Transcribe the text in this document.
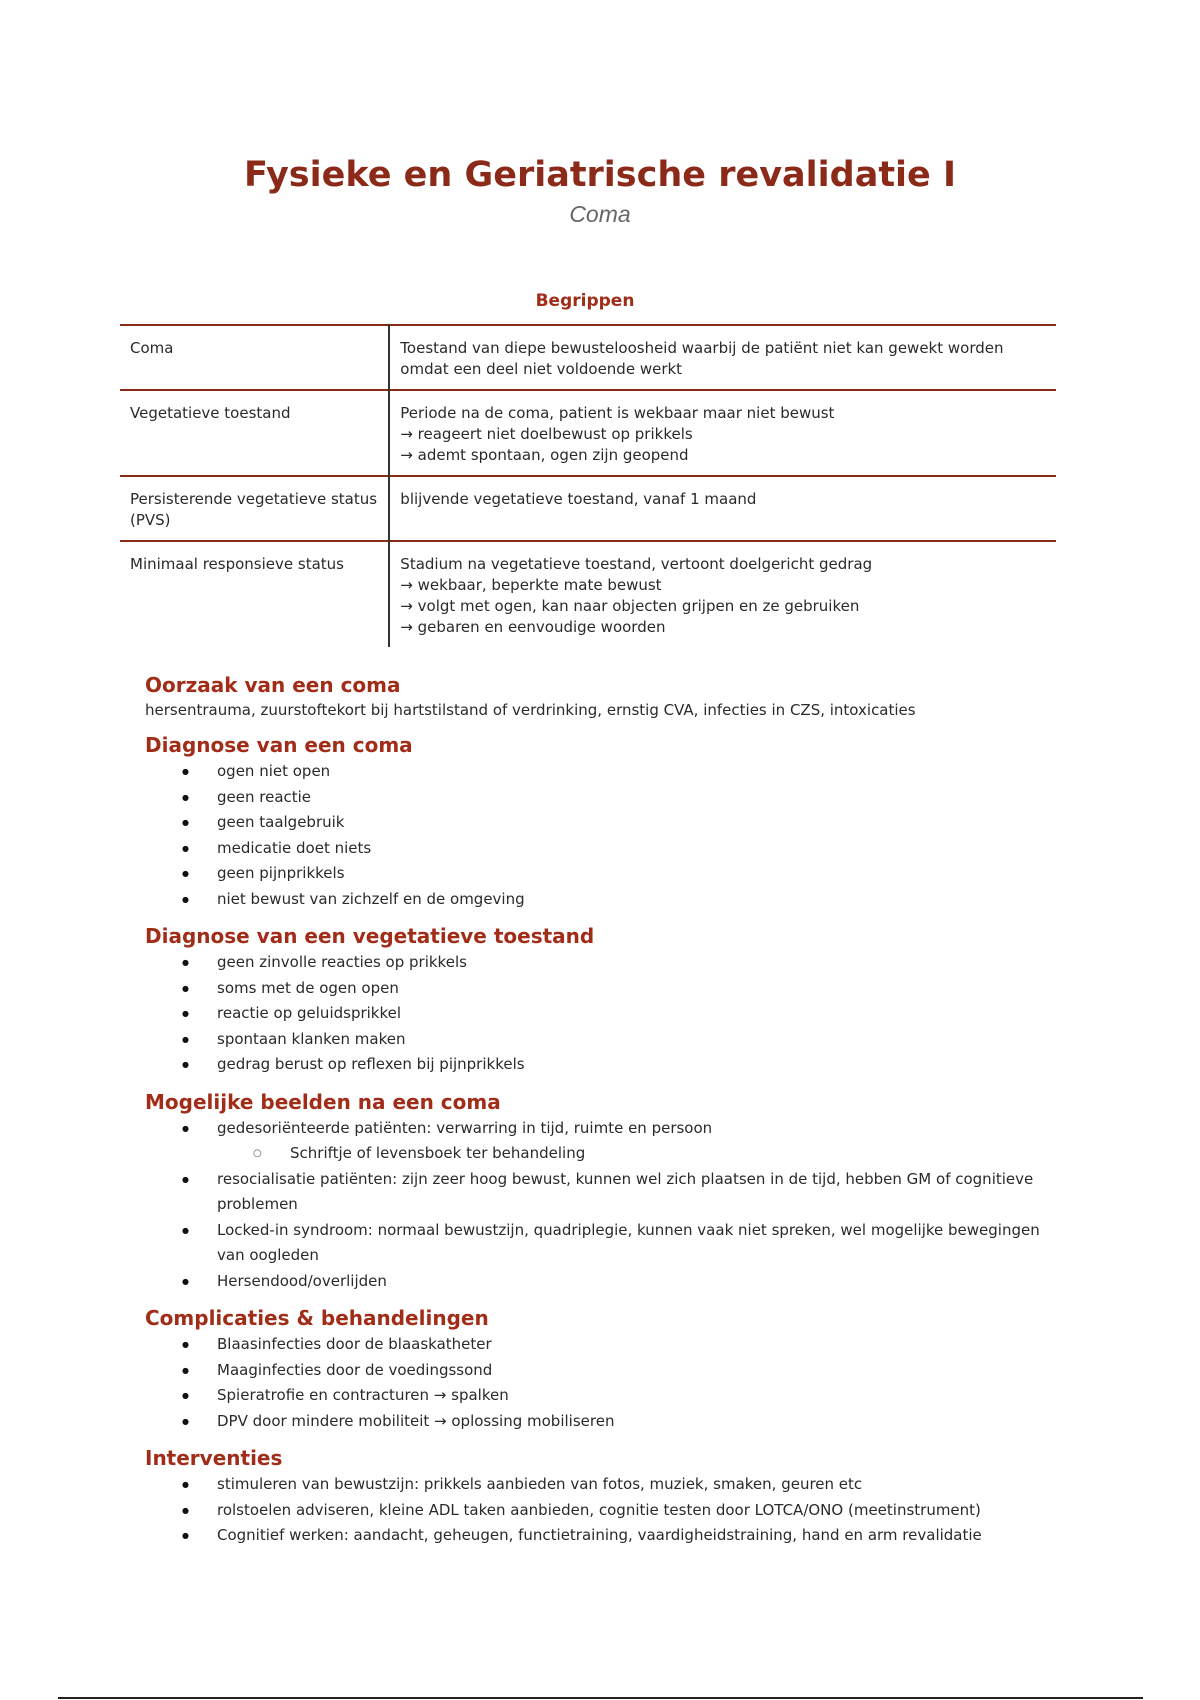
Fysieke en Geriatrische revalidatie I
Coma
Begrippen
Coma	Toestand van diepe bewusteloosheid waarbij de patiënt niet kan gewekt worden
omdat een deel niet voldoende werkt

Vegetatieve toestand	Periode na de coma, patient is wekbaar maar niet bewust
→ reageert niet doelbewust op prikkels
→ ademt spontaan, ogen zijn geopend

Persisterende vegetatieve status (PVS)	blijvende vegetatieve toestand, vanaf 1 maand

Minimaal responsieve status	Stadium na vegetatieve toestand, vertoont doelgericht gedrag
→ wekbaar, beperkte mate bewust
→ volgt met ogen, kan naar objecten grijpen en ze gebruiken
→ gebaren en eenvoudige woorden
Oorzaak van een coma

hersentrauma, zuurstoftekort bij hartstilstand of verdrinking, ernstig CVA, infecties in CZS, intoxicaties

Diagnose van een coma
● ogen niet open
● geen reactie
● geen taalgebruik
● medicatie doet niets
● geen pijnprikkels
● niet bewust van zichzelf en de omgeving
Diagnose van een vegetatieve toestand
● geen zinvolle reacties op prikkels
● soms met de ogen open
● reactie op geluidsprikkel
● spontaan klanken maken
● gedrag berust op reflexen bij pijnprikkels
Mogelijke beelden na een coma
● gedesoriënteerde patiënten: verwarring in tijd, ruimte en persoon
○ Schriftje of levensboek ter behandeling
● resocialisatie patiënten: zijn zeer hoog bewust, kunnen wel zich plaatsen in de tijd, hebben GM of cognitieve problemen
● Locked-in syndroom: normaal bewustzijn, quadriplegie, kunnen vaak niet spreken, wel mogelijke bewegingen van oogleden
● Hersendood/overlijden
Complicaties & behandelingen
● Blaasinfecties door de blaaskatheter
● Maaginfecties door de voedingssond
● Spieratrofie en contracturen → spalken
● DPV door mindere mobiliteit → oplossing mobiliseren
Interventies
● stimuleren van bewustzijn: prikkels aanbieden van fotos, muziek, smaken, geuren etc
● rolstoelen adviseren, kleine ADL taken aanbieden, cognitie testen door LOTCA/ONO (meetinstrument)
● Cognitief werken: aandacht, geheugen, functietraining, vaardigheidstraining, hand en arm revalidatie
